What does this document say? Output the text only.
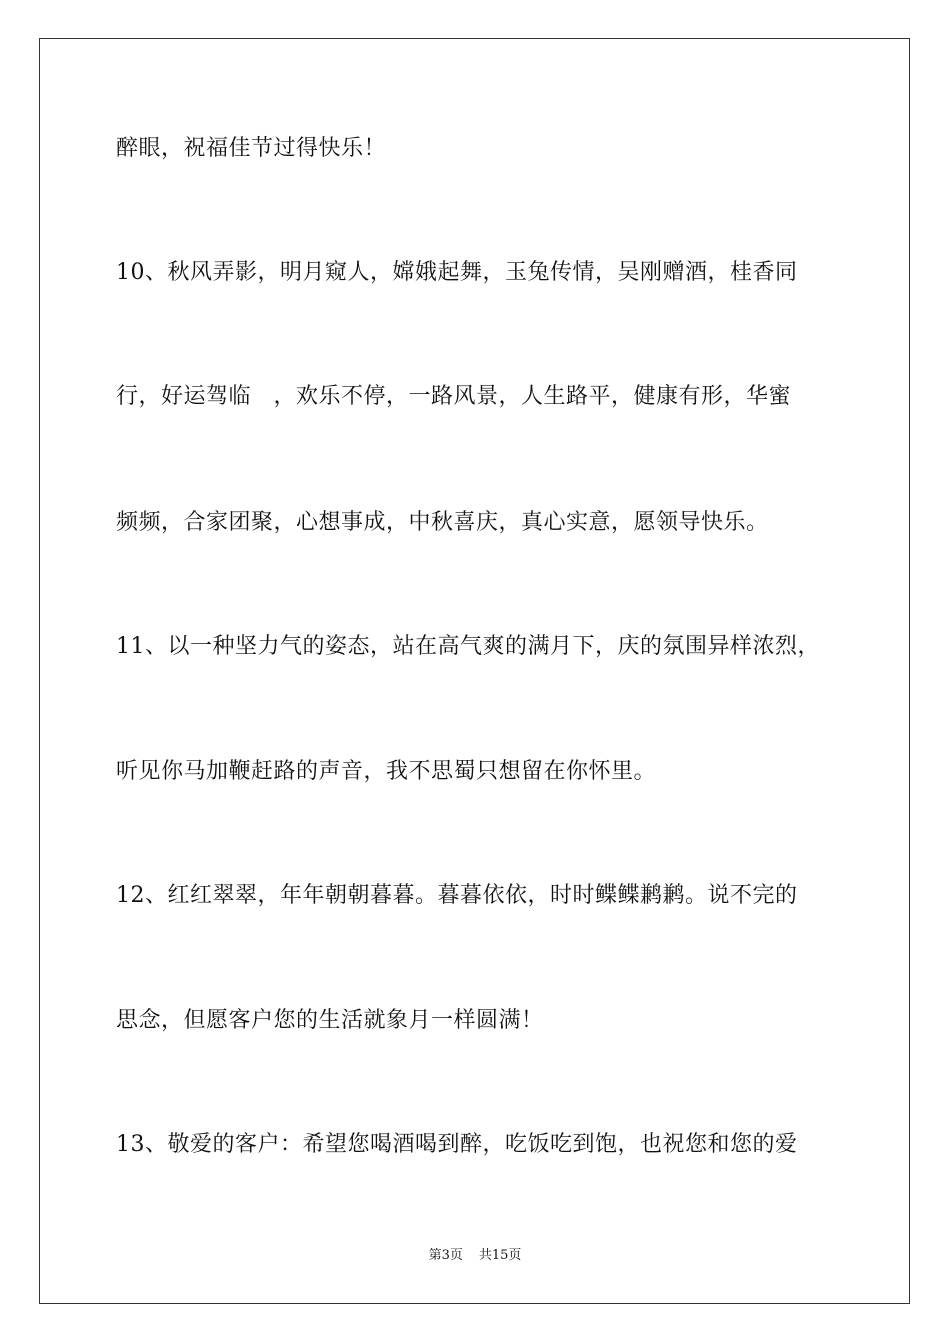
醉眼，祝福佳节过得快乐！
10、秋风弄影，明月窥人，嫦娥起舞，玉兔传情，吴刚赠酒，桂香同
行，好运驾临　，欢乐不停，一路风景，人生路平，健康有形，华蜜
频频，合家团聚，心想事成，中秋喜庆，真心实意，愿领导快乐。
11、以一种坚力气的姿态，站在高气爽的满月下，庆的氛围异样浓烈，
听见你马加鞭赶路的声音，我不思蜀只想留在你怀里。
12、红红翠翠，年年朝朝暮暮。暮暮依依，时时鲽鲽鹣鹣。说不完的
思念，但愿客户您的生活就象月一样圆满！
13、敬爱的客户：希望您喝酒喝到醉，吃饭吃到饱，也祝您和您的爱
第3页 共15页
